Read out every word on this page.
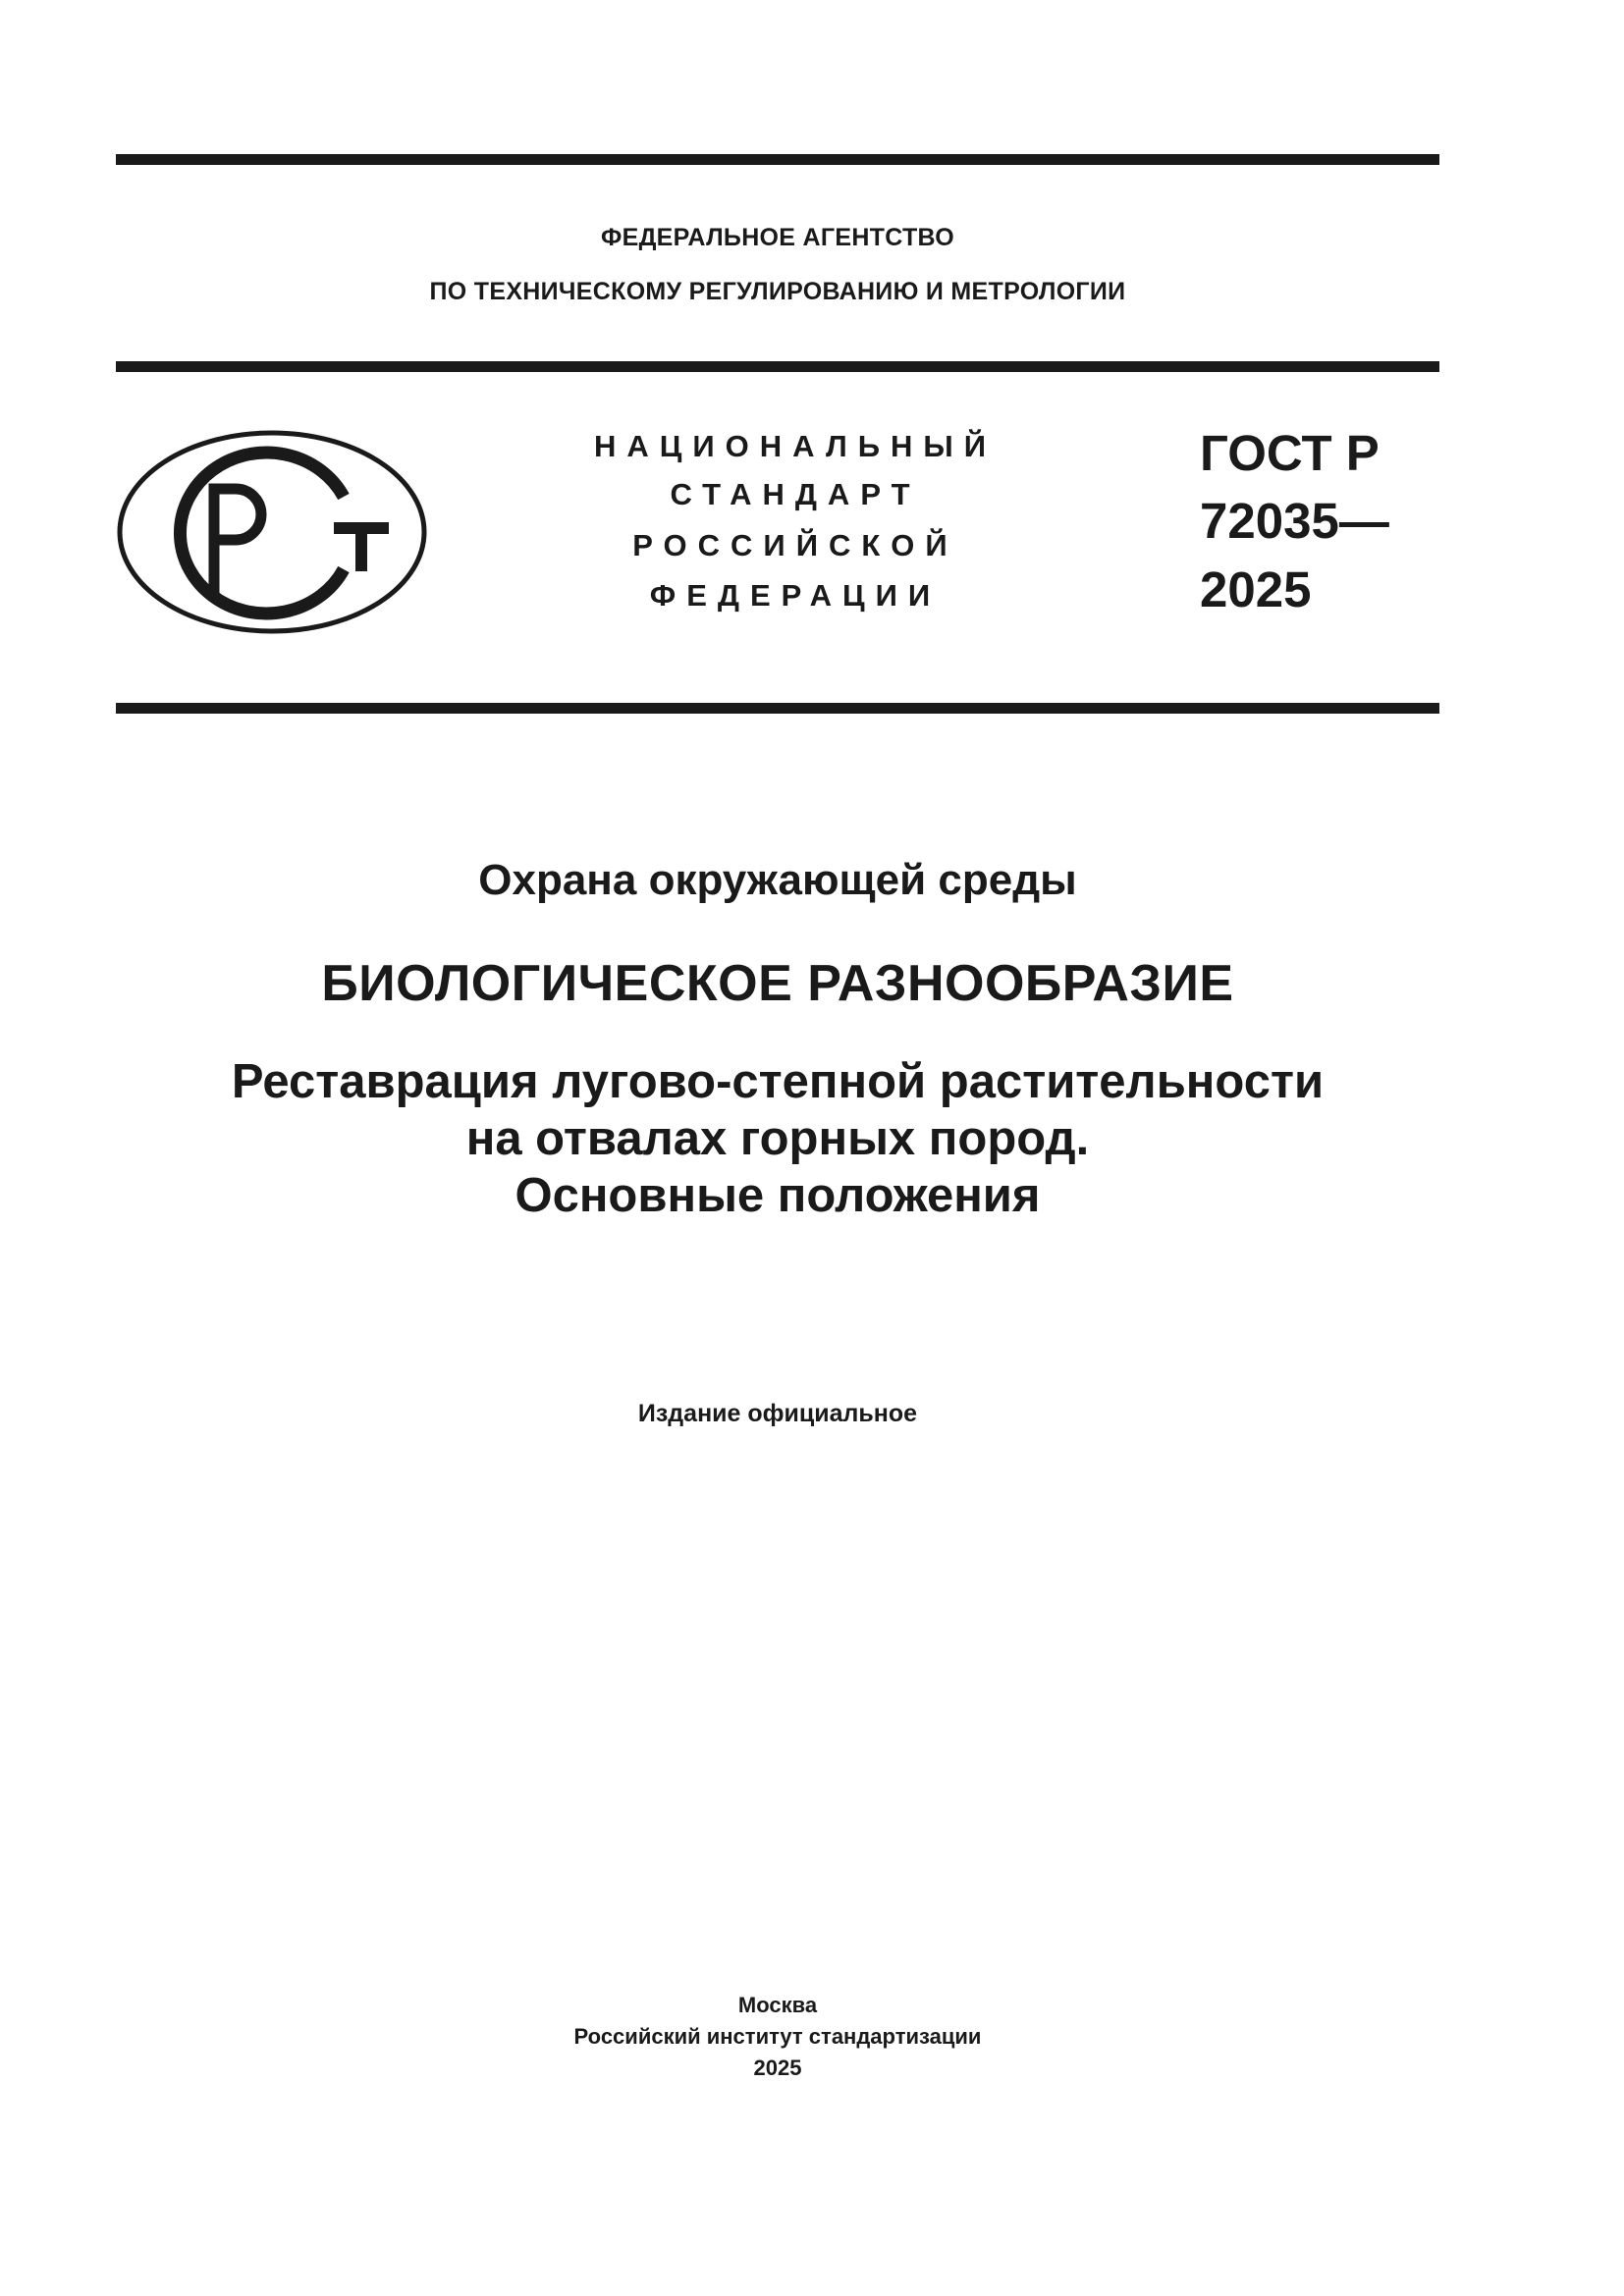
ФЕДЕРАЛЬНОЕ АГЕНТСТВО
ПО ТЕХНИЧЕСКОМУ РЕГУЛИРОВАНИЮ И МЕТРОЛОГИИ
НАЦИОНАЛЬНЫЙ
СТАНДАРТ
РОССИЙСКОЙ
ФЕДЕРАЦИИ
ГОСТ Р
72035—
2025
Охрана окружающей среды
БИОЛОГИЧЕСКОЕ РАЗНООБРАЗИЕ
Реставрация лугово-степной растительности
на отвалах горных пород.
Основные положения
Издание официальное
Москва
Российский институт стандартизации
2025
